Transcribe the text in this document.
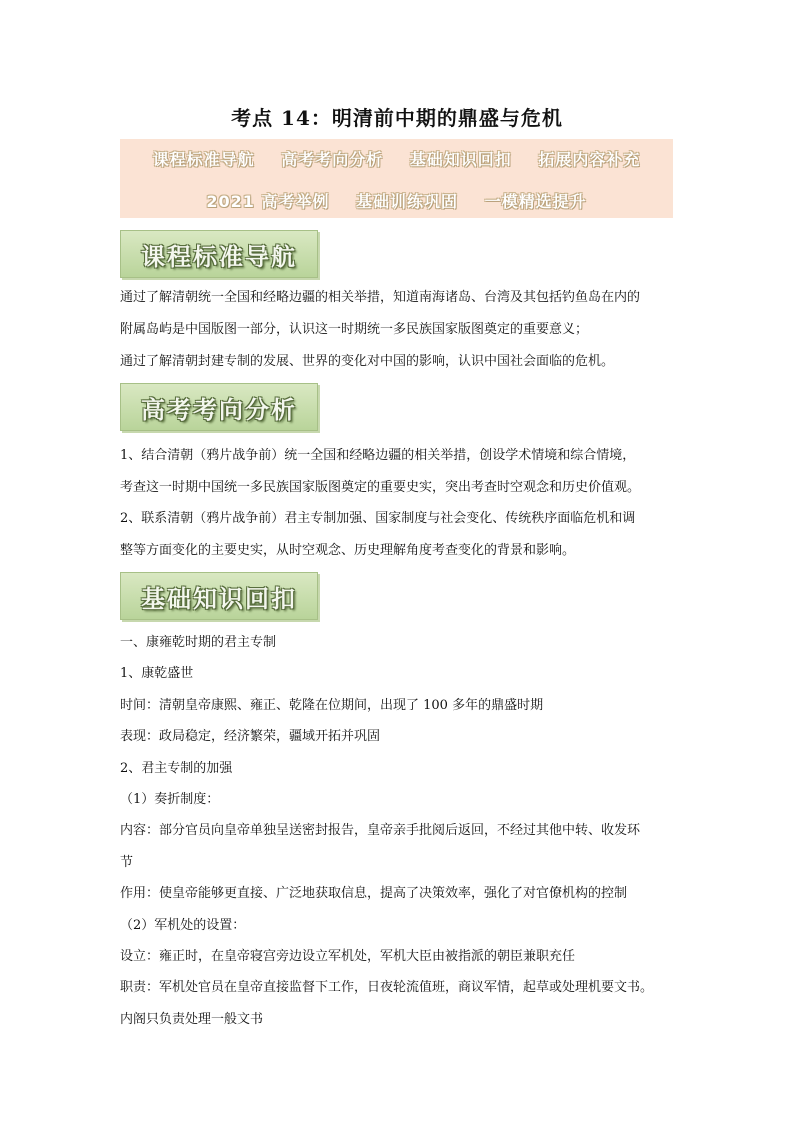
考点 14：明清前中期的鼎盛与危机
课程标准导航 高考考向分析 基础知识回扣 拓展内容补充
2021 高考举例 基础训练巩固 一模精选提升
课程标准导航
通过了解清朝统一全国和经略边疆的相关举措，知道南海诸岛、台湾及其包括钓鱼岛在内的
附属岛屿是中国版图一部分，认识这一时期统一多民族国家版图奠定的重要意义；
通过了解清朝封建专制的发展、世界的变化对中国的影响，认识中国社会面临的危机。
高考考向分析
1、结合清朝（鸦片战争前）统一全国和经略边疆的相关举措，创设学术情境和综合情境，
考查这一时期中国统一多民族国家版图奠定的重要史实，突出考查时空观念和历史价值观。
2、联系清朝（鸦片战争前）君主专制加强、国家制度与社会变化、传统秩序面临危机和调
整等方面变化的主要史实，从时空观念、历史理解角度考查变化的背景和影响。
基础知识回扣
一、康雍乾时期的君主专制
1、康乾盛世
时间：清朝皇帝康熙、雍正、乾隆在位期间，出现了 100 多年的鼎盛时期
表现：政局稳定，经济繁荣，疆域开拓并巩固
2、君主专制的加强
（1）奏折制度：
内容：部分官员向皇帝单独呈送密封报告，皇帝亲手批阅后返回，不经过其他中转、收发环
节
作用：使皇帝能够更直接、广泛地获取信息，提高了决策效率，强化了对官僚机构的控制
（2）军机处的设置：
设立：雍正时，在皇帝寝宫旁边设立军机处，军机大臣由被指派的朝臣兼职充任
职责：军机处官员在皇帝直接监督下工作，日夜轮流值班，商议军情，起草或处理机要文书。
内阁只负责处理一般文书
